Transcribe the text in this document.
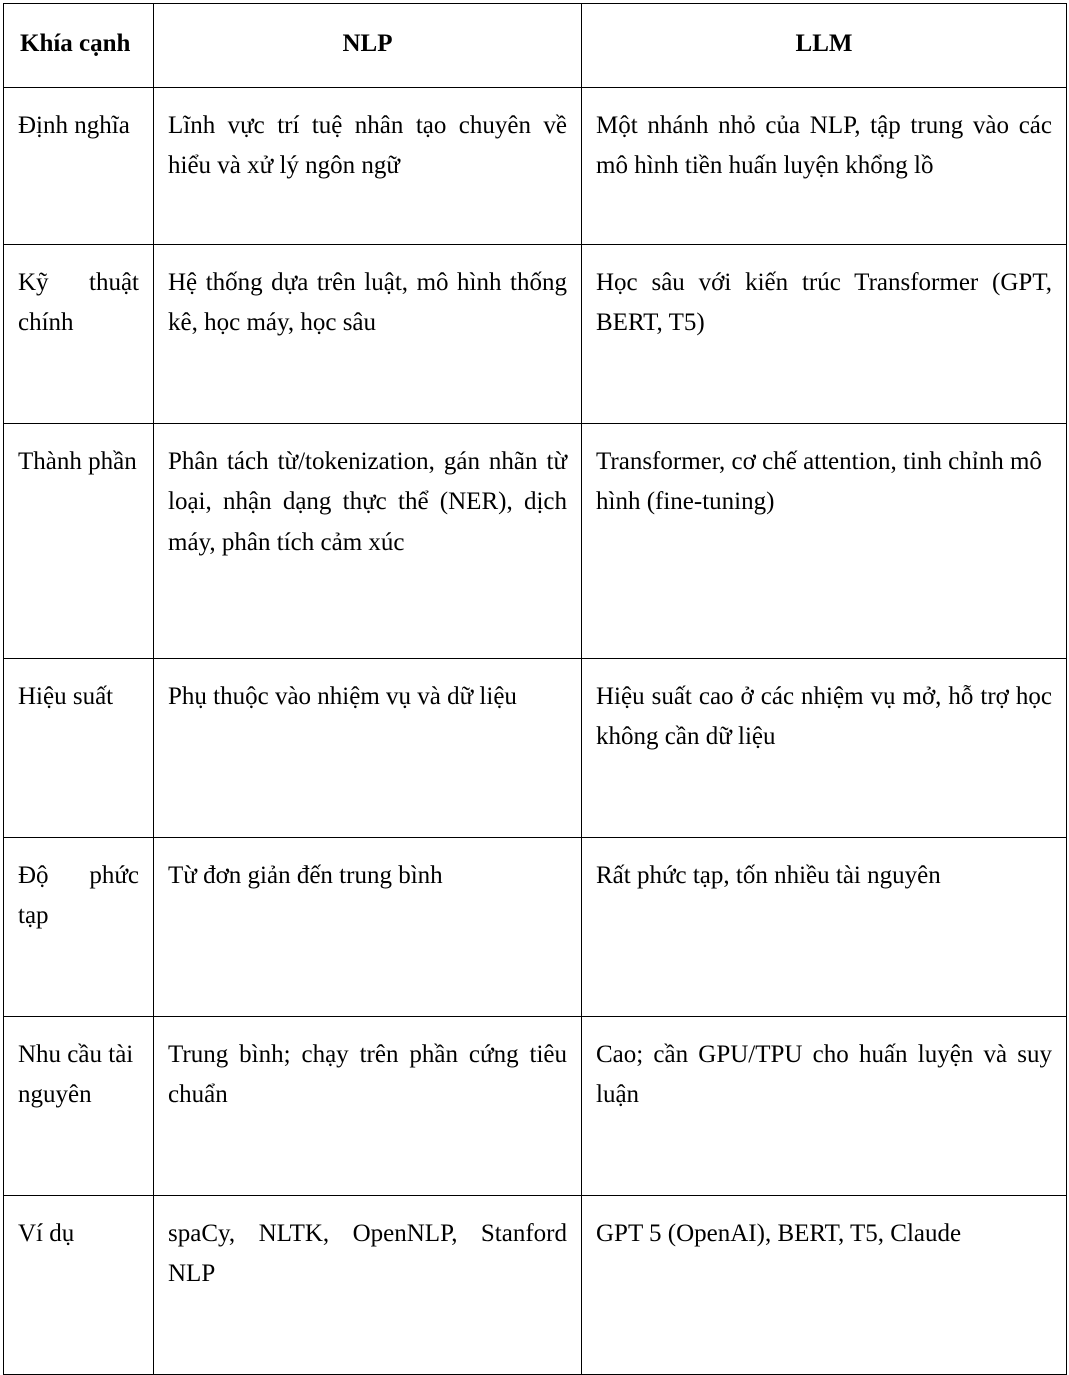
Khía cạnh	NLP	LLM
Định nghĩa	Lĩnh vực trí tuệ nhân tạo chuyên về hiểu và xử lý ngôn ngữ	Một nhánh nhỏ của NLP, tập trung vào các mô hình tiền huấn luyện khổng lồ
Kỹ thuật chính	Hệ thống dựa trên luật, mô hình thống kê, học máy, học sâu	Học sâu với kiến trúc Transformer (GPT, BERT, T5)
Thành phần	Phân tách từ/tokenization, gán nhãn từ loại, nhận dạng thực thể (NER), dịch máy, phân tích cảm xúc	Transformer, cơ chế attention, tinh chỉnh mô hình (fine-tuning)
Hiệu suất	Phụ thuộc vào nhiệm vụ và dữ liệu	Hiệu suất cao ở các nhiệm vụ mở, hỗ trợ học không cần dữ liệu
Độ phức tạp	Từ đơn giản đến trung bình	Rất phức tạp, tốn nhiều tài nguyên
Nhu cầu tài nguyên	Trung bình; chạy trên phần cứng tiêu chuẩn	Cao; cần GPU/TPU cho huấn luyện và suy luận
Ví dụ	spaCy, NLTK, OpenNLP, Stanford NLP	GPT 5 (OpenAI), BERT, T5, Claude
